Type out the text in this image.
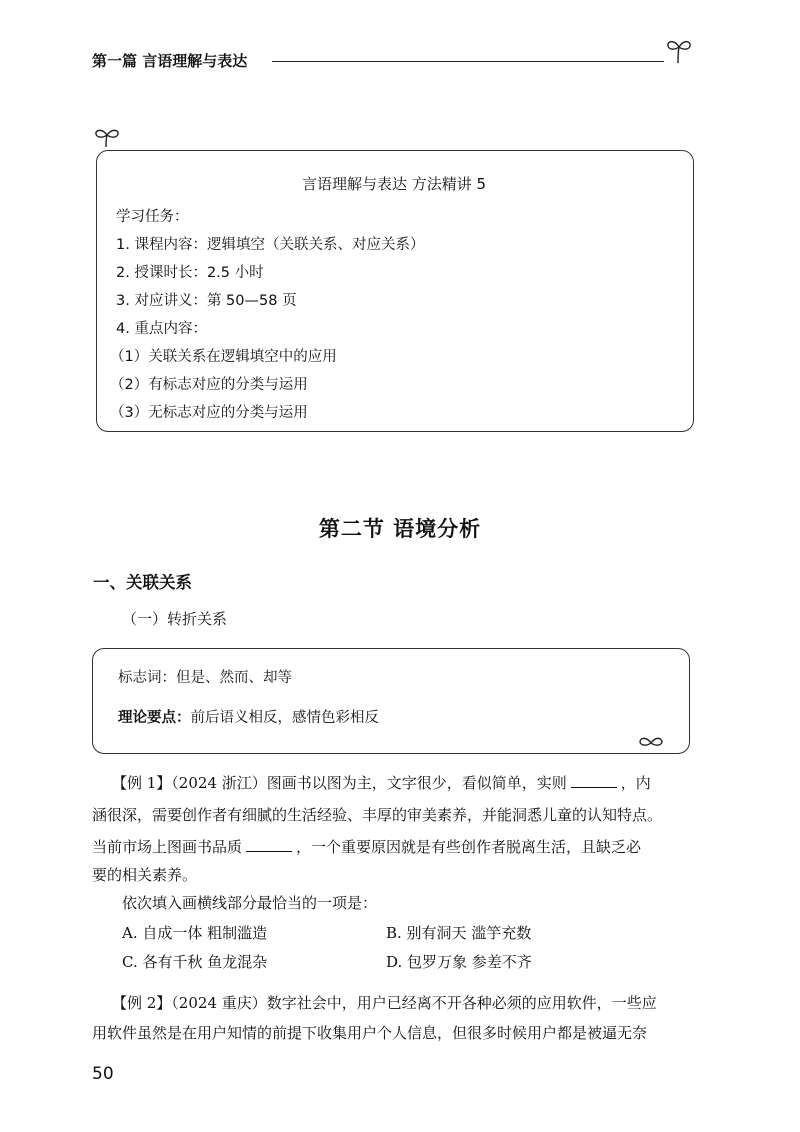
第一篇 言语理解与表达
言语理解与表达 方法精讲 5
学习任务：
1. 课程内容：逻辑填空（关联关系、对应关系）
2. 授课时长：2.5 小时
3. 对应讲义：第 50—58 页
4. 重点内容：
（1）关联关系在逻辑填空中的应用
（2）有标志对应的分类与运用
（3）无标志对应的分类与运用
第二节 语境分析
一、关联关系
（一）转折关系
标志词：但是、然而、却等
理论要点：前后语义相反，感情色彩相反
【例 1】（2024 浙江）图画书以图为主，文字很少，看似简单，实则	，内
涵很深，需要创作者有细腻的生活经验、丰厚的审美素养，并能洞悉儿童的认知特点。
当前市场上图画书品质	，一个重要原因就是有些创作者脱离生活，且缺乏必
要的相关素养。
依次填入画横线部分最恰当的一项是：
A. 自成一体 粗制滥造	B. 别有洞天 滥竽充数
C. 各有千秋 鱼龙混杂	D. 包罗万象 参差不齐
【例 2】（2024 重庆）数字社会中，用户已经离不开各种必须的应用软件，一些应
用软件虽然是在用户知情的前提下收集用户个人信息，但很多时候用户都是被逼无奈
50
